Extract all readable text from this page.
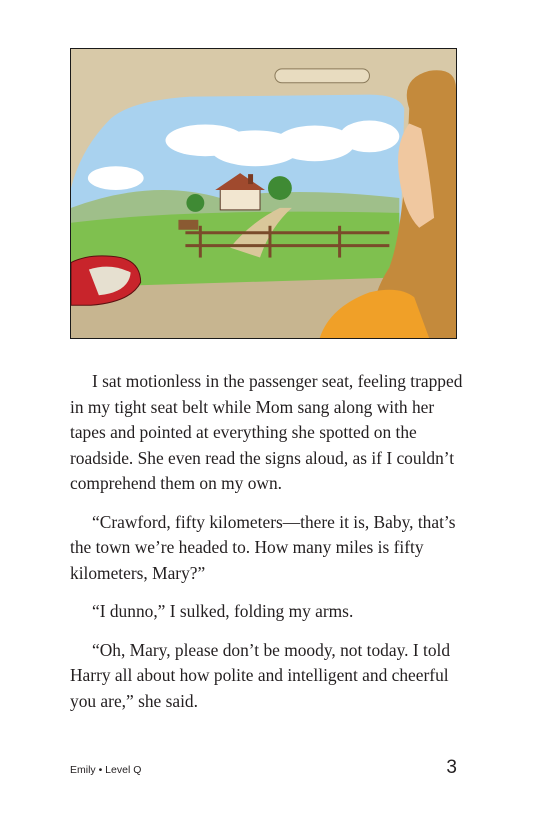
I sat motionless in the passenger seat, feeling trapped in my tight seat belt while Mom sang along with her tapes and pointed at everything she spotted on the roadside. She even read the signs aloud, as if I couldn’t comprehend them on my own.

“Crawford, fifty kilometers—there it is, Baby, that’s the town we’re headed to. How many miles is fifty kilometers, Mary?”

“I dunno,” I sulked, folding my arms.

“Oh, Mary, please don’t be moody, not today. I told Harry all about how polite and intelligent and cheerful you are,” she said.

Emily • Level Q	3
